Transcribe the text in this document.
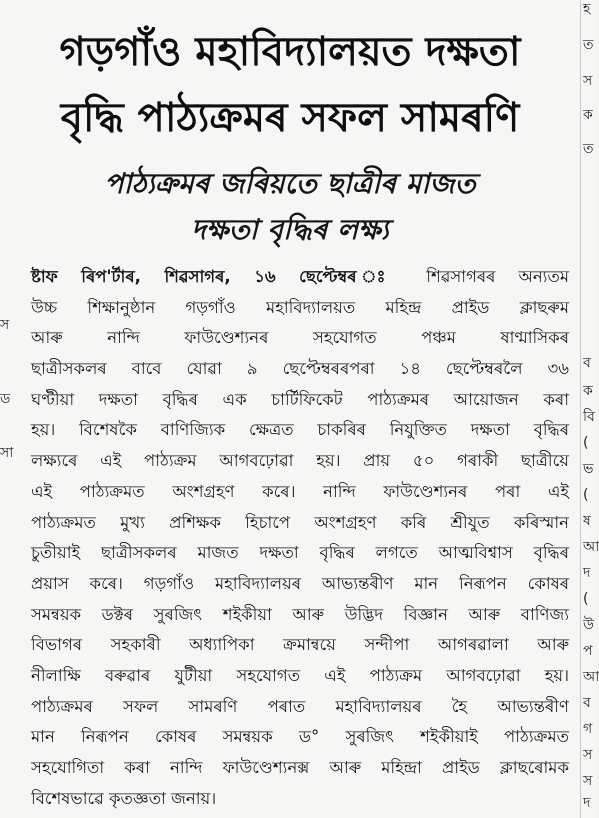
হ
ত
স
ক
ত
ব
ক
বি
(
ভ
(
ষ
আ
দ
(
উ
প
আ
ব
গ
স
স
দ
গড়গাঁও মহাবিদ্যালয়ত দক্ষতা
বৃদ্ধি পাঠ্যক্ৰমৰ সফল সামৰণি
পাঠ্যক্ৰমৰ জৰিয়তে ছাত্ৰীৰ মাজত
দক্ষতা বৃদ্ধিৰ লক্ষ্য
ষ্টাফ ৰিপ'ৰ্টাৰ, শিৱসাগৰ, ১৬ ছেপ্টেম্বৰ ঃ শিৱসাগৰৰ অন্যতম
উচ্চ শিক্ষানুষ্ঠান গড়গাঁও মহাবিদ্যালয়ত মহিন্দ্ৰ প্ৰাইড ক্লাছৰুম
আৰু নান্দি ফাউণ্ডেশ্যনৰ সহযোগত পঞ্চম ষাণ্মাসিকৰ
ছাত্ৰীসকলৰ বাবে যোৱা ৯ ছেপ্টেম্বৰৰপৰা ১৪ ছেপ্টেম্বৰলৈ ৩৬
ঘণ্টীয়া দক্ষতা বৃদ্ধিৰ এক চাৰ্টিফিকেট পাঠ্যক্ৰমৰ আয়োজন কৰা
হয়। বিশেষকৈ বাণিজ্যিক ক্ষেত্ৰত চাকৰিৰ নিযুক্তিত দক্ষতা বৃদ্ধিৰ
লক্ষ্যৰে এই পাঠ্যক্ৰম আগবঢ়োৱা হয়। প্ৰায় ৫০ গৰাকী ছাত্ৰীয়ে
এই পাঠ্যক্ৰমত অংশগ্ৰহণ কৰে। নান্দি ফাউণ্ডেশ্যনৰ পৰা এই
পাঠ্যক্ৰমত মুখ্য প্ৰশিক্ষক হিচাপে অংশগ্ৰহণ কৰি শ্ৰীযুত কৰিস্মান
চুতীয়াই ছাত্ৰীসকলৰ মাজত দক্ষতা বৃদ্ধিৰ লগতে আত্মবিশ্বাস বৃদ্ধিৰ
প্ৰয়াস কৰে। গড়গাঁও মহাবিদ্যালয়ৰ আভ্যন্তৰীণ মান নিৰূপন কোষৰ
সমন্বয়ক ডক্টৰ সুৰজিৎ শইকীয়া আৰু উদ্ভিদ বিজ্ঞান আৰু বাণিজ্য
বিভাগৰ সহকাৰী অধ্যাপিকা ক্ৰমান্বয়ে সন্দীপা আগৰৱালা আৰু
নীলাক্ষি বৰুৱাৰ যুটীয়া সহযোগত এই পাঠ্যক্ৰম আগবঢ়োৱা হয়।
পাঠ্যক্ৰমৰ সফল সামৰণি পৰাত মহাবিদ্যালয়ৰ হৈ আভ্যন্তৰীণ
মান নিৰূপন কোষৰ সমন্বয়ক ড° সুৰজিৎ শইকীয়াই পাঠ্যক্ৰমত
সহযোগিতা কৰা নান্দি ফাউণ্ডেশ্যনক্স আৰু মহিন্দ্ৰা প্ৰাইড ক্লাছৰোমক
বিশেষভাৱে কৃতজ্ঞতা জনায়।
স
ড
সা
